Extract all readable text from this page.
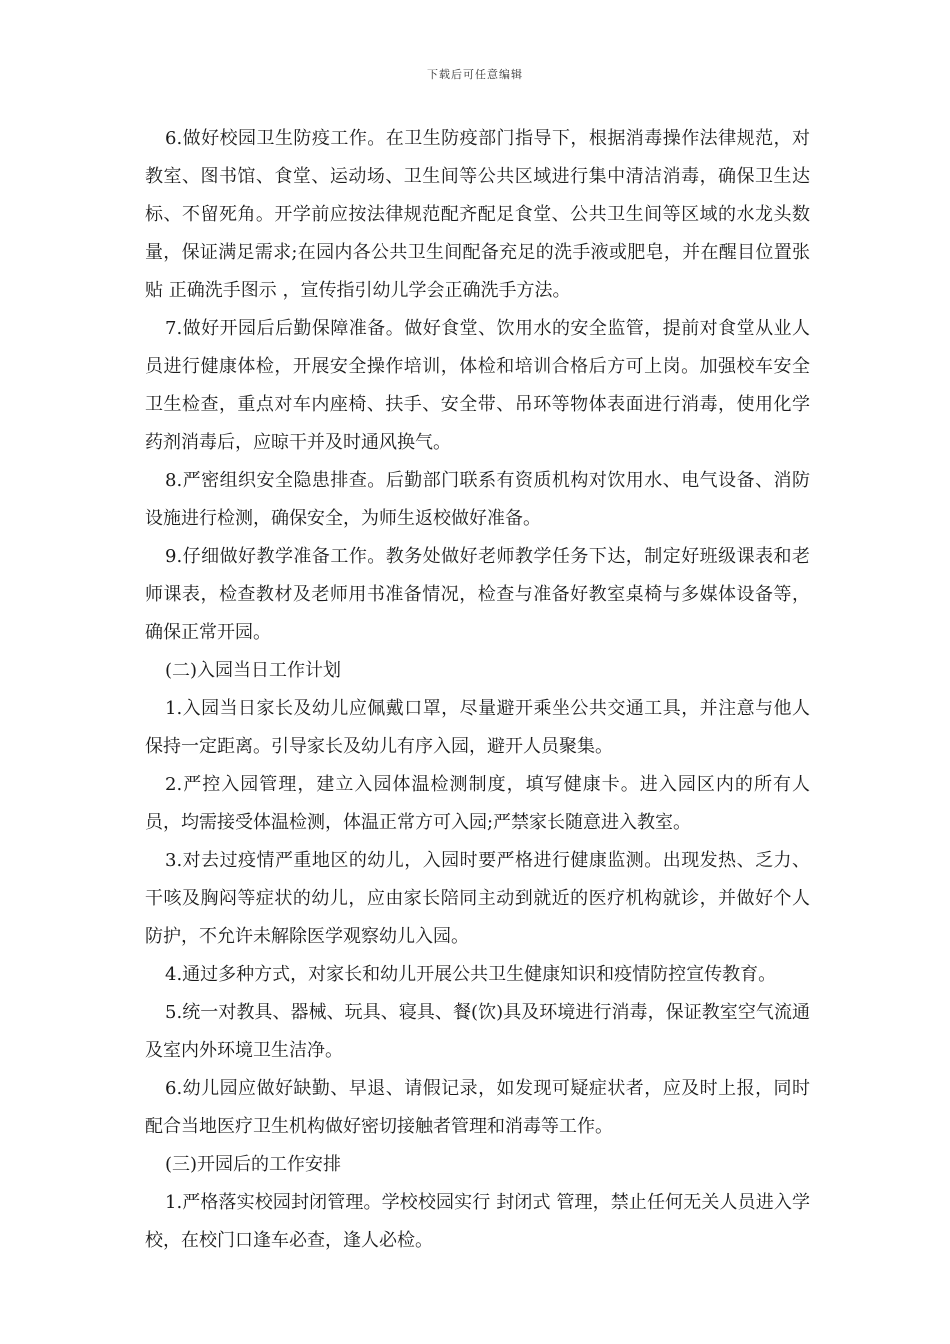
下载后可任意编辑

6.做好校园卫生防疫工作。在卫生防疫部门指导下，根据消毒操作法律规范，对教室、图书馆、食堂、运动场、卫生间等公共区域进行集中清洁消毒，确保卫生达标、不留死角。开学前应按法律规范配齐配足食堂、公共卫生间等区域的水龙头数量，保证满足需求;在园内各公共卫生间配备充足的洗手液或肥皂，并在醒目位置张贴 正确洗手图示 ，宣传指引幼儿学会正确洗手方法。

7.做好开园后后勤保障准备。做好食堂、饮用水的安全监管，提前对食堂从业人员进行健康体检，开展安全操作培训，体检和培训合格后方可上岗。加强校车安全卫生检查，重点对车内座椅、扶手、安全带、吊环等物体表面进行消毒，使用化学药剂消毒后，应晾干并及时通风换气。

8.严密组织安全隐患排查。后勤部门联系有资质机构对饮用水、电气设备、消防设施进行检测，确保安全，为师生返校做好准备。

9.仔细做好教学准备工作。教务处做好老师教学任务下达，制定好班级课表和老师课表，检查教材及老师用书准备情况，检查与准备好教室桌椅与多媒体设备等，确保正常开园。

(二)入园当日工作计划

1.入园当日家长及幼儿应佩戴口罩，尽量避开乘坐公共交通工具，并注意与他人保持一定距离。引导家长及幼儿有序入园，避开人员聚集。

2.严控入园管理，建立入园体温检测制度，填写健康卡。进入园区内的所有人员，均需接受体温检测，体温正常方可入园;严禁家长随意进入教室。

3.对去过疫情严重地区的幼儿，入园时要严格进行健康监测。出现发热、乏力、干咳及胸闷等症状的幼儿，应由家长陪同主动到就近的医疗机构就诊，并做好个人防护，不允许未解除医学观察幼儿入园。

4.通过多种方式，对家长和幼儿开展公共卫生健康知识和疫情防控宣传教育。

5.统一对教具、器械、玩具、寝具、餐(饮)具及环境进行消毒，保证教室空气流通及室内外环境卫生洁净。

6.幼儿园应做好缺勤、早退、请假记录，如发现可疑症状者，应及时上报，同时配合当地医疗卫生机构做好密切接触者管理和消毒等工作。

(三)开园后的工作安排

1.严格落实校园封闭管理。学校校园实行 封闭式 管理，禁止任何无关人员进入学校，在校门口逢车必查，逢人必检。
